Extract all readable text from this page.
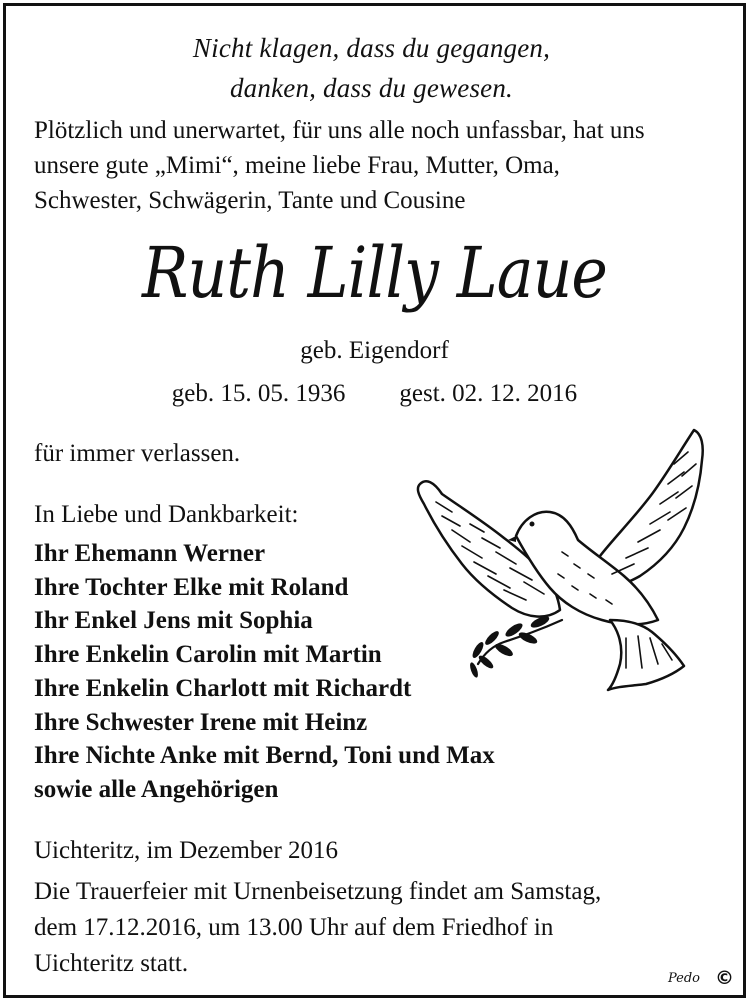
Nicht klagen, dass du gegangen,
danken, dass du gewesen.
Plötzlich und unerwartet, für uns alle noch unfassbar, hat uns
unsere gute „Mimi“, meine liebe Frau, Mutter, Oma,
Schwester, Schwägerin, Tante und Cousine
Ruth Lilly Laue
geb. Eigendorf
geb. 15. 05. 1936 gest. 02. 12. 2016
für immer verlassen.
In Liebe und Dankbarkeit:
Ihr Ehemann Werner
Ihre Tochter Elke mit Roland
Ihr Enkel Jens mit Sophia
Ihre Enkelin Carolin mit Martin
Ihre Enkelin Charlott mit Richardt
Ihre Schwester Irene mit Heinz
Ihre Nichte Anke mit Bernd, Toni und Max
sowie alle Angehörigen
Uichteritz, im Dezember 2016
Die Trauerfeier mit Urnenbeisetzung findet am Samstag,
dem 17.12.2016, um 13.00 Uhr auf dem Friedhof in
Uichteritz statt.
Pedo ©
